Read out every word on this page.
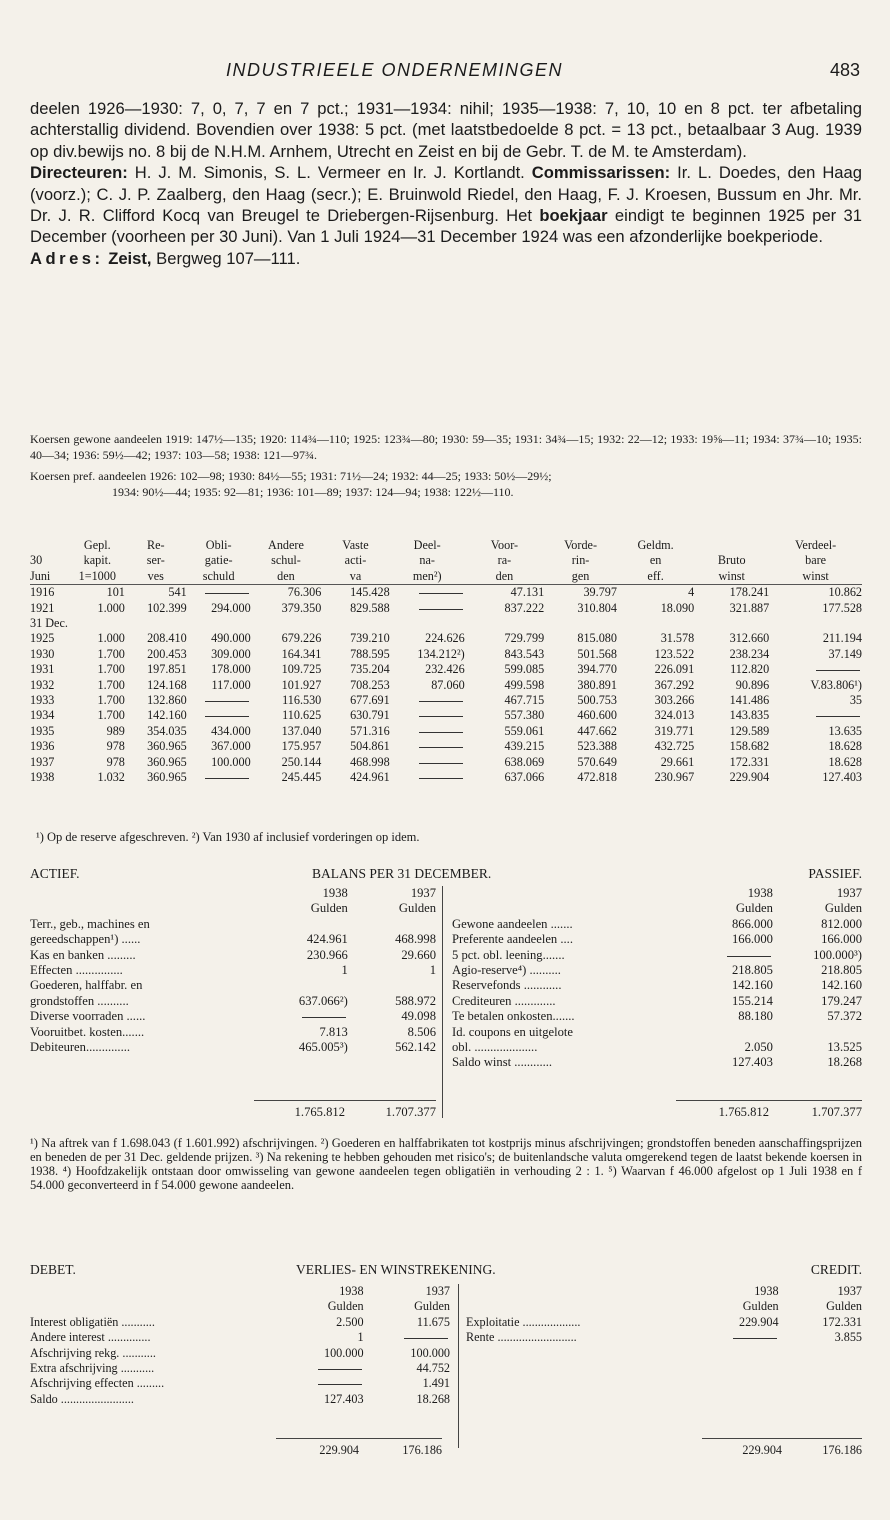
INDUSTRIEELE ONDERNEMINGEN	483

deelen 1926—1930: 7, 0, 7, 7 en 7 pct.; 1931—1934: nihil; 1935—1938: 7, 10, 10 en 8 pct. ter afbetaling achterstallig dividend. Bovendien over 1938: 5 pct. (met laatstbedoelde 8 pct. = 13 pct., betaalbaar 3 Aug. 1939 op div.bewijs no. 8 bij de N.H.M. Arnhem, Utrecht en Zeist en bij de Gebr. T. de M. te Amsterdam).

Directeuren: H. J. M. Simonis, S. L. Vermeer en Ir. J. Kortlandt. Commissarissen: Ir. L. Doedes, den Haag (voorz.); C. J. P. Zaalberg, den Haag (secr.); E. Bruinwold Riedel, den Haag, F. J. Kroesen, Bussum en Jhr. Mr. Dr. J. R. Clifford Kocq van Breugel te Driebergen-Rijsenburg. Het boekjaar eindigt te beginnen 1925 per 31 December (voorheen per 30 Juni). Van 1 Juli 1924—31 December 1924 was een afzonderlijke boekperiode.

Adres: Zeist, Bergweg 107—111.

Koersen gewone aandeelen 1919: 147½—135; 1920: 114¾—110; 1925: 123¾—80; 1930: 59—35; 1931: 34¾—15; 1932: 22—12; 1933: 19⅝—11; 1934: 37¾—10; 1935: 40—34; 1936: 59½—42; 1937: 103—58; 1938: 121—97¾.

Koersen pref. aandeelen 1926: 102—98; 1930: 84½—55; 1931: 71½—24; 1932: 44—25; 1933: 50½—29½;
1934: 90½—44; 1935: 92—81; 1936: 101—89; 1937: 124—94; 1938: 122½—110.

	Gepl.	Re-	Obli-	Andere	Vaste	Deel-	Voor-	Vorde-	Geldm.		Verdeel-
30	kapit.	ser-	gatie-	schul-	acti-	na-	ra-	rin-	en	Bruto	bare
Juni	1=1000	ves	schuld	den	va	men²)	den	gen	eff.	winst	winst
1916	101	541		76.306	145.428		47.131	39.797	4	178.241	10.862
1921	1.000	102.399	294.000	379.350	829.588		837.222	310.804	18.090	321.887	177.528
31 Dec.											
1925	1.000	208.410	490.000	679.226	739.210	224.626	729.799	815.080	31.578	312.660	211.194
1930	1.700	200.453	309.000	164.341	788.595	134.212²)	843.543	501.568	123.522	238.234	37.149
1931	1.700	197.851	178.000	109.725	735.204	232.426	599.085	394.770	226.091	112.820	

1932	1.700	124.168	117.000	101.927	708.253	87.060	499.598	380.891	367.292	90.896	V.83.806¹)
1933	1.700	132.860		116.530	677.691		467.715	500.753	303.266	141.486	35
1934	1.700	142.160		110.625	630.791		557.380	460.600	324.013	143.835	

1935	989	354.035	434.000	137.040	571.316		559.061	447.662	319.771	129.589	13.635
1936	978	360.965	367.000	175.957	504.861		439.215	523.388	432.725	158.682	18.628
1937	978	360.965	100.000	250.144	468.998		638.069	570.649	29.661	172.331	18.628
1938	1.032	360.965		245.445	424.961		637.066	472.818	230.967	229.904	127.403
¹) Op de reserve afgeschreven. ²) Van 1930 af inclusief vorderingen op idem.
ACTIEF.	BALANS PER 31 DECEMBER.	PASSIEF.
	1938	1937
	Gulden	Gulden
Terr., geb., machines en		
gereedschappen¹) ......	424.961	468.998
Kas en banken .........	230.966	29.660
Effecten ...............	1	1
Goederen, halffabr. en		
grondstoffen ..........	637.066²)	588.972
Diverse voorraden ......		49.098
Vooruitbet. kosten.......	7.813	8.506
Debiteuren..............	465.005³)	562.142
	1938	1937
	Gulden	Gulden
Gewone aandeelen .......	866.000	812.000
Preferente aandeelen ....	166.000	166.000
5 pct. obl. leening.......		100.000³)
Agio-reserve⁴) ..........	218.805	218.805
Reservefonds ............	142.160	142.160
Crediteuren .............	155.214	179.247
Te betalen onkosten.......	88.180	57.372
Id. coupons en uitgelote		
obl. ....................	2.050	13.525
Saldo winst ............	127.403	18.268
1.765.812	1.707.377	1.765.812	1.707.377
¹) Na aftrek van f 1.698.043 (f 1.601.992) afschrijvingen. ²) Goederen en halffabrikaten tot kostprijs minus afschrijvingen; grondstoffen beneden aanschaffingsprijzen en beneden de per 31 Dec. geldende prijzen. ³) Na rekening te hebben gehouden met risico's; de buitenlandsche valuta omgerekend tegen de laatst bekende koersen in 1938. ⁴) Hoofdzakelijk ontstaan door omwisseling van gewone aandeelen tegen obligatiën in verhouding 2 : 1. ⁵) Waarvan f 46.000 afgelost op 1 Juli 1938 en f 54.000 geconverteerd in f 54.000 gewone aandeelen.
DEBET.	VERLIES- EN WINSTREKENING.	CREDIT.
	1938	1937
	Gulden	Gulden
Interest obligatiën ...........	2.500	11.675
Andere interest ..............	1	

Afschrijving rekg. ...........	100.000	100.000
Extra afschrijving ...........		44.752
Afschrijving effecten .........		1.491
Saldo ........................	127.403	18.268
	1938	1937
	Gulden	Gulden
Exploitatie ...................	229.904	172.331
Rente ..........................		3.855
229.904	176.186	229.904	176.186
